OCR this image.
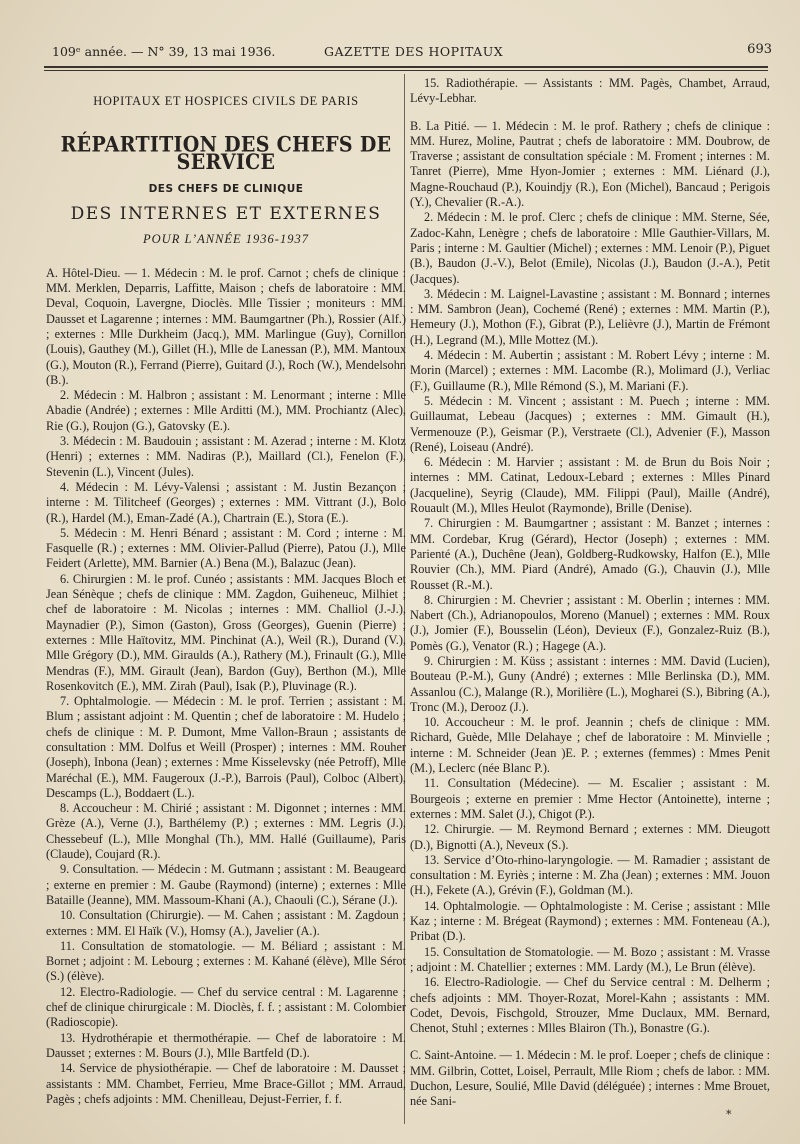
109ᵉ année. — N° 39, 13 mai 1936.	GAZETTE DES HOPITAUX	693
HOPITAUX ET HOSPICES CIVILS DE PARIS
RÉPARTITION DES CHEFS DE SERVICE
DES CHEFS DE CLINIQUE
DES INTERNES ET EXTERNES
POUR L’ANNÉE 1936-1937

A. Hôtel-Dieu. — 1. Médecin : M. le prof. Carnot ; chefs de clinique : MM. Merklen, Deparris, Laffitte, Maison ; chefs de laboratoire : MM. Deval, Coquoin, Lavergne, Dioclès. Mlle Tissier ; moniteurs : MM. Dausset et Lagarenne ; internes : MM. Baumgartner (Ph.), Rossier (Alf.) ; externes : Mlle Durkheim (Jacq.), MM. Marlingue (Guy), Cornillon (Louis), Gauthey (M.), Gillet (H.), Mlle de Lanessan (P.), MM. Mantoux (G.), Mouton (R.), Ferrand (Pierre), Guitard (J.), Roch (W.), Mendelsohn (B.).

2. Médecin : M. Halbron ; assistant : M. Lenormant ; interne : Mlle Abadie (Andrée) ; externes : Mlle Arditti (M.), MM. Prochiantz (Alec), Rie (G.), Roujon (G.), Gatovsky (E.).

3. Médecin : M. Baudouin ; assistant : M. Azerad ; interne : M. Klotz (Henri) ; externes : MM. Nadiras (P.), Maillard (Cl.), Fenelon (F.), Stevenin (L.), Vincent (Jules).

4. Médecin : M. Lévy-Valensi ; assistant : M. Justin Bezançon ; interne : M. Tilitcheef (Georges) ; externes : MM. Vittrant (J.), Bolo (R.), Hardel (M.), Eman-Zadé (A.), Chartrain (E.), Stora (E.).

5. Médecin : M. Henri Bénard ; assistant : M. Cord ; interne : M. Fasquelle (R.) ; externes : MM. Olivier-Pallud (Pierre), Patou (J.), Mlle Feidert (Arlette), MM. Barnier (A.) Bena (M.), Balazuc (Jean).

6. Chirurgien : M. le prof. Cunéo ; assistants : MM. Jacques Bloch et Jean Sénèque ; chefs de clinique : MM. Zagdon, Guiheneuc, Milhiet ; chef de laboratoire : M. Nicolas ; internes : MM. Challiol (J.-J.), Maynadier (P.), Simon (Gaston), Gross (Georges), Guenin (Pierre) ; externes : Mlle Haïtovitz, MM. Pinchinat (A.), Weil (R.), Durand (V.), Mlle Grégory (D.), MM. Giraulds (A.), Rathery (M.), Frinault (G.), Mlle Mendras (F.), MM. Girault (Jean), Bardon (Guy), Berthon (M.), Mlle Rosenkovitch (E.), MM. Zirah (Paul), Isak (P.), Pluvinage (R.).

7. Ophtalmologie. — Médecin : M. le prof. Terrien ; assistant : M. Blum ; assistant adjoint : M. Quentin ; chef de laboratoire : M. Hudelo ; chefs de clinique : M. P. Dumont, Mme Vallon-Braun ; assistants de consultation : MM. Dolfus et Weill (Prosper) ; internes : MM. Rouher (Joseph), Inbona (Jean) ; externes : Mme Kisselevsky (née Petroff), Mlle Maréchal (E.), MM. Faugeroux (J.-P.), Barrois (Paul), Colboc (Albert), Descamps (L.), Boddaert (L.).

8. Accoucheur : M. Chirié ; assistant : M. Digonnet ; internes : MM. Grèze (A.), Verne (J.), Barthélemy (P.) ; externes : MM. Legris (J.), Chessebeuf (L.), Mlle Monghal (Th.), MM. Hallé (Guillaume), Paris (Claude), Coujard (R.).

9. Consultation. — Médecin : M. Gutmann ; assistant : M. Beaugeard ; externe en premier : M. Gaube (Raymond) (interne) ; externes : Mlle Bataille (Jeanne), MM. Massoum-Khani (A.), Chaouli (C.), Sérane (J.).

10. Consultation (Chirurgie). — M. Cahen ; assistant : M. Zagdoun ; externes : MM. El Haïk (V.), Homsy (A.), Javelier (A.).

11. Consultation de stomatologie. — M. Béliard ; assistant : M. Bornet ; adjoint : M. Lebourg ; externes : M. Kahané (élève), Mlle Sérot (S.) (élève).

12. Electro-Radiologie. — Chef du service central : M. Lagarenne ; chef de clinique chirurgicale : M. Dioclès, f. f. ; assistant : M. Colombier (Radioscopie).

13. Hydrothérapie et thermothérapie. — Chef de laboratoire : M. Dausset ; externes : M. Bours (J.), Mlle Bartfeld (D.).

14. Service de physiothérapie. — Chef de laboratoire : M. Dausset ; assistants : MM. Chambet, Ferrieu, Mme Brace-Gillot ; MM. Arraud, Pagès ; chefs adjoints : MM. Chenilleau, Dejust-Ferrier, f. f.

15. Radiothérapie. — Assistants : MM. Pagès, Chambet, Arraud, Lévy-Lebhar.

B. La Pitié. — 1. Médecin : M. le prof. Rathery ; chefs de clinique : MM. Hurez, Moline, Pautrat ; chefs de laboratoire : MM. Doubrow, de Traverse ; assistant de consultation spéciale : M. Froment ; internes : M. Tanret (Pierre), Mme Hyon-Jomier ; externes : MM. Liénard (J.), Magne-Rouchaud (P.), Kouindjy (R.), Eon (Michel), Bancaud ; Perigois (Y.), Chevalier (R.-A.).

2. Médecin : M. le prof. Clerc ; chefs de clinique : MM. Sterne, Sée, Zadoc-Kahn, Lenègre ; chefs de laboratoire : Mlle Gauthier-Villars, M. Paris ; interne : M. Gaultier (Michel) ; externes : MM. Lenoir (P.), Piguet (B.), Baudon (J.-V.), Belot (Emile), Nicolas (J.), Baudon (J.-A.), Petit (Jacques).

3. Médecin : M. Laignel-Lavastine ; assistant : M. Bonnard ; internes : MM. Sambron (Jean), Cochemé (René) ; externes : MM. Martin (P.), Hemeury (J.), Mothon (F.), Gibrat (P.), Lelièvre (J.), Martin de Frémont (H.), Legrand (M.), Mlle Mottez (M.).

4. Médecin : M. Aubertin ; assistant : M. Robert Lévy ; interne : M. Morin (Marcel) ; externes : MM. Lacombe (R.), Molimard (J.), Verliac (F.), Guillaume (R.), Mlle Rémond (S.), M. Mariani (F.).

5. Médecin : M. Vincent ; assistant : M. Puech ; interne : MM. Guillaumat, Lebeau (Jacques) ; externes : MM. Gimault (H.), Vermenouze (P.), Geismar (P.), Verstraete (Cl.), Advenier (F.), Masson (René), Loiseau (André).

6. Médecin : M. Harvier ; assistant : M. de Brun du Bois Noir ; internes : MM. Catinat, Ledoux-Lebard ; externes : Mlles Pinard (Jacqueline), Seyrig (Claude), MM. Filippi (Paul), Maille (André), Rouault (M.), Mlles Heulot (Raymonde), Brille (Denise).

7. Chirurgien : M. Baumgartner ; assistant : M. Banzet ; internes : MM. Cordebar, Krug (Gérard), Hector (Joseph) ; externes : MM. Parienté (A.), Duchêne (Jean), Goldberg-Rudkowsky, Halfon (E.), Mlle Rouvier (Ch.), MM. Piard (André), Amado (G.), Chauvin (J.), Mlle Rousset (R.-M.).

8. Chirurgien : M. Chevrier ; assistant : M. Oberlin ; internes : MM. Nabert (Ch.), Adrianopoulos, Moreno (Manuel) ; externes : MM. Roux (J.), Jomier (F.), Bousselin (Léon), Devieux (F.), Gonzalez-Ruiz (B.), Pomès (G.), Venator (R.) ; Hagege (A.).

9. Chirurgien : M. Küss ; assistant : internes : MM. David (Lucien), Bouteau (P.-M.), Guny (André) ; externes : Mlle Berlinska (D.), MM. Assanlou (C.), Malange (R.), Morilière (L.), Mogharei (S.), Bibring (A.), Tronc (M.), Derooz (J.).

10. Accoucheur : M. le prof. Jeannin ; chefs de clinique : MM. Richard, Guède, Mlle Delahaye ; chef de laboratoire : M. Minvielle ; interne : M. Schneider (Jean )E. P. ; externes (femmes) : Mmes Penit (M.), Leclerc (née Blanc P.).

11. Consultation (Médecine). — M. Escalier ; assistant : M. Bourgeois ; externe en premier : Mme Hector (Antoinette), interne ; externes : MM. Salet (J.), Chigot (P.).

12. Chirurgie. — M. Reymond Bernard ; externes : MM. Dieugott (D.), Bignotti (A.), Neveux (S.).

13. Service d’Oto-rhino-laryngologie. — M. Ramadier ; assistant de consultation : M. Eyriès ; interne : M. Zha (Jean) ; externes : MM. Jouon (H.), Fekete (A.), Grévin (F.), Goldman (M.).

14. Ophtalmologie. — Ophtalmologiste : M. Cerise ; assistant : Mlle Kaz ; interne : M. Brégeat (Raymond) ; externes : MM. Fonteneau (A.), Pribat (D.).

15. Consultation de Stomatologie. — M. Bozo ; assistant : M. Vrasse ; adjoint : M. Chatellier ; externes : MM. Lardy (M.), Le Brun (élève).

16. Electro-Radiologie. — Chef du Service central : M. Delherm ; chefs adjoints : MM. Thoyer-Rozat, Morel-Kahn ; assistants : MM. Codet, Devois, Fischgold, Strouzer, Mme Duclaux, MM. Bernard, Chenot, Stuhl ; externes : Mlles Blairon (Th.), Bonastre (G.).

C. Saint-Antoine. — 1. Médecin : M. le prof. Loeper ; chefs de clinique : MM. Gilbrin, Cottet, Loisel, Perrault, Mlle Riom ; chefs de labor. : MM. Duchon, Lesure, Soulié, Mlle David (déléguée) ; internes : Mme Brouet, née Sani-

*
